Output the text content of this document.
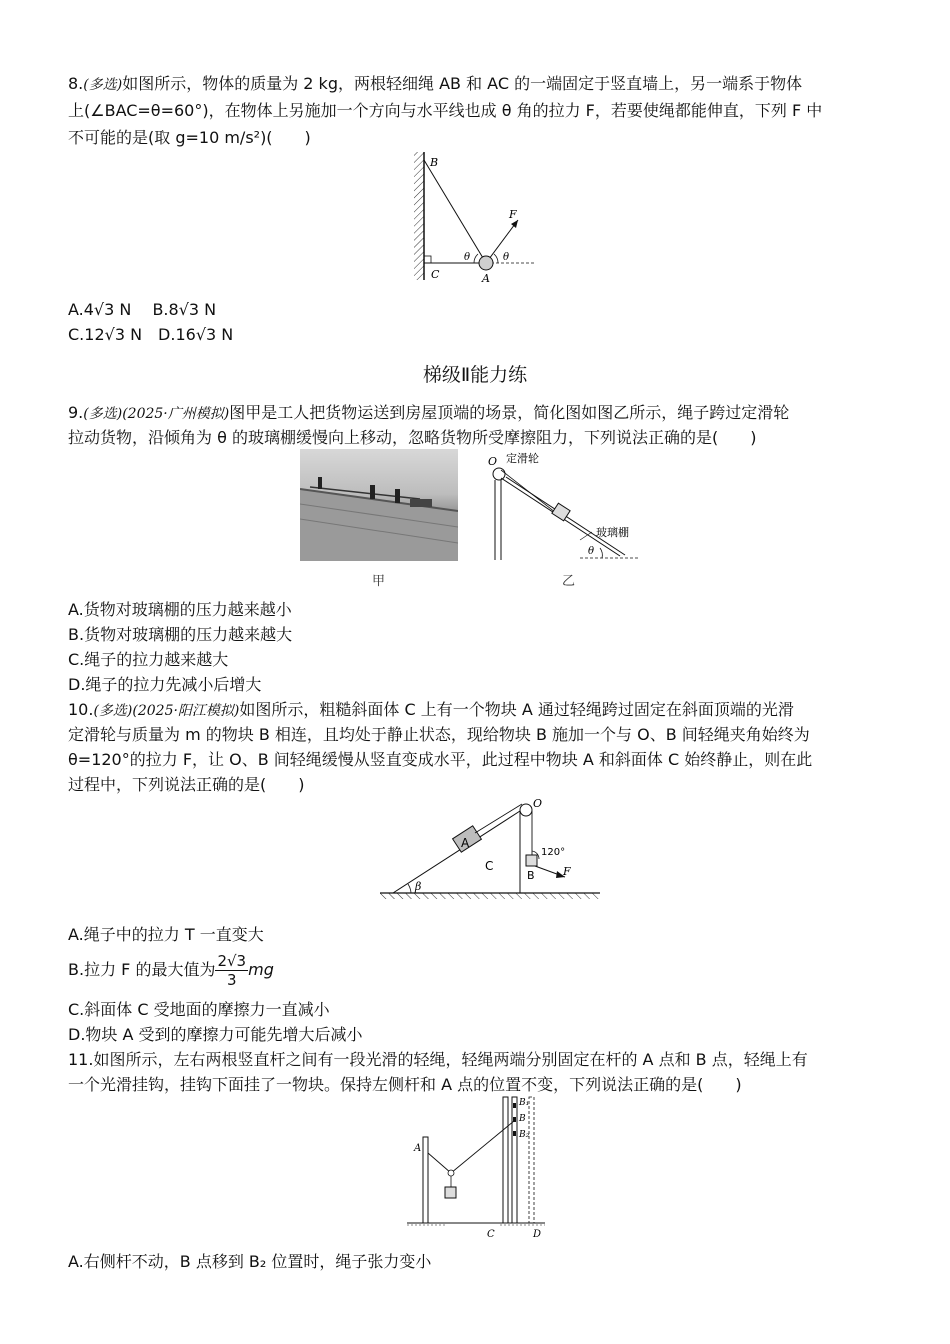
8.(多选)如图所示，物体的质量为 2 kg，两根轻细绳 AB 和 AC 的一端固定于竖直墙上，另一端系于物体
上(∠BAC=θ=60°)，在物体上另施加一个方向与水平线也成 θ 角的拉力 F，若要使绳都能伸直，下列 F 中
不可能的是(取 g=10 m/s²)(　　)
B
C	A
F
θ	θ
A.4√3 N　 B.8√3 N
C.12√3 N　D.16√3 N
梯级Ⅱ能力练
9.(多选)(2025·广州模拟)图甲是工人把货物运送到房屋顶端的场景，简化图如图乙所示，绳子跨过定滑轮
拉动货物，沿倾角为 θ 的玻璃棚缓慢向上移动，忽略货物所受摩擦阻力，下列说法正确的是(　　)
甲
O 定滑轮
玻璃棚
θ
乙
A.货物对玻璃棚的压力越来越小
B.货物对玻璃棚的压力越来越大
C.绳子的拉力越来越大
D.绳子的拉力先减小后增大
10.(多选)(2025·阳江模拟)如图所示，粗糙斜面体 C 上有一个物块 A 通过轻绳跨过固定在斜面顶端的光滑
定滑轮与质量为 m 的物块 B 相连，且均处于静止状态，现给物块 B 施加一个与 O、B 间轻绳夹角始终为
θ=120°的拉力 F，让 O、B 间轻绳缓慢从竖直变成水平，此过程中物块 A 和斜面体 C 始终静止，则在此
过程中，下列说法正确的是(　　)
O
A
C
B	F
120°
β
A.绳子中的拉力 T 一直变大
B.拉力 F 的最大值为 $\frac{2√3}{3}$ mg
C.斜面体 C 受地面的摩擦力一直减小
D.物块 A 受到的摩擦力可能先增大后减小
11.如图所示，左右两根竖直杆之间有一段光滑的轻绳，轻绳两端分别固定在杆的 A 点和 B 点，轻绳上有
一个光滑挂钩，挂钩下面挂了一物块。保持左侧杆和 A 点的位置不变，下列说法正确的是(　　)
A
B₁
B
B₂
C	D
A.右侧杆不动，B 点移到 B₂ 位置时，绳子张力变小
